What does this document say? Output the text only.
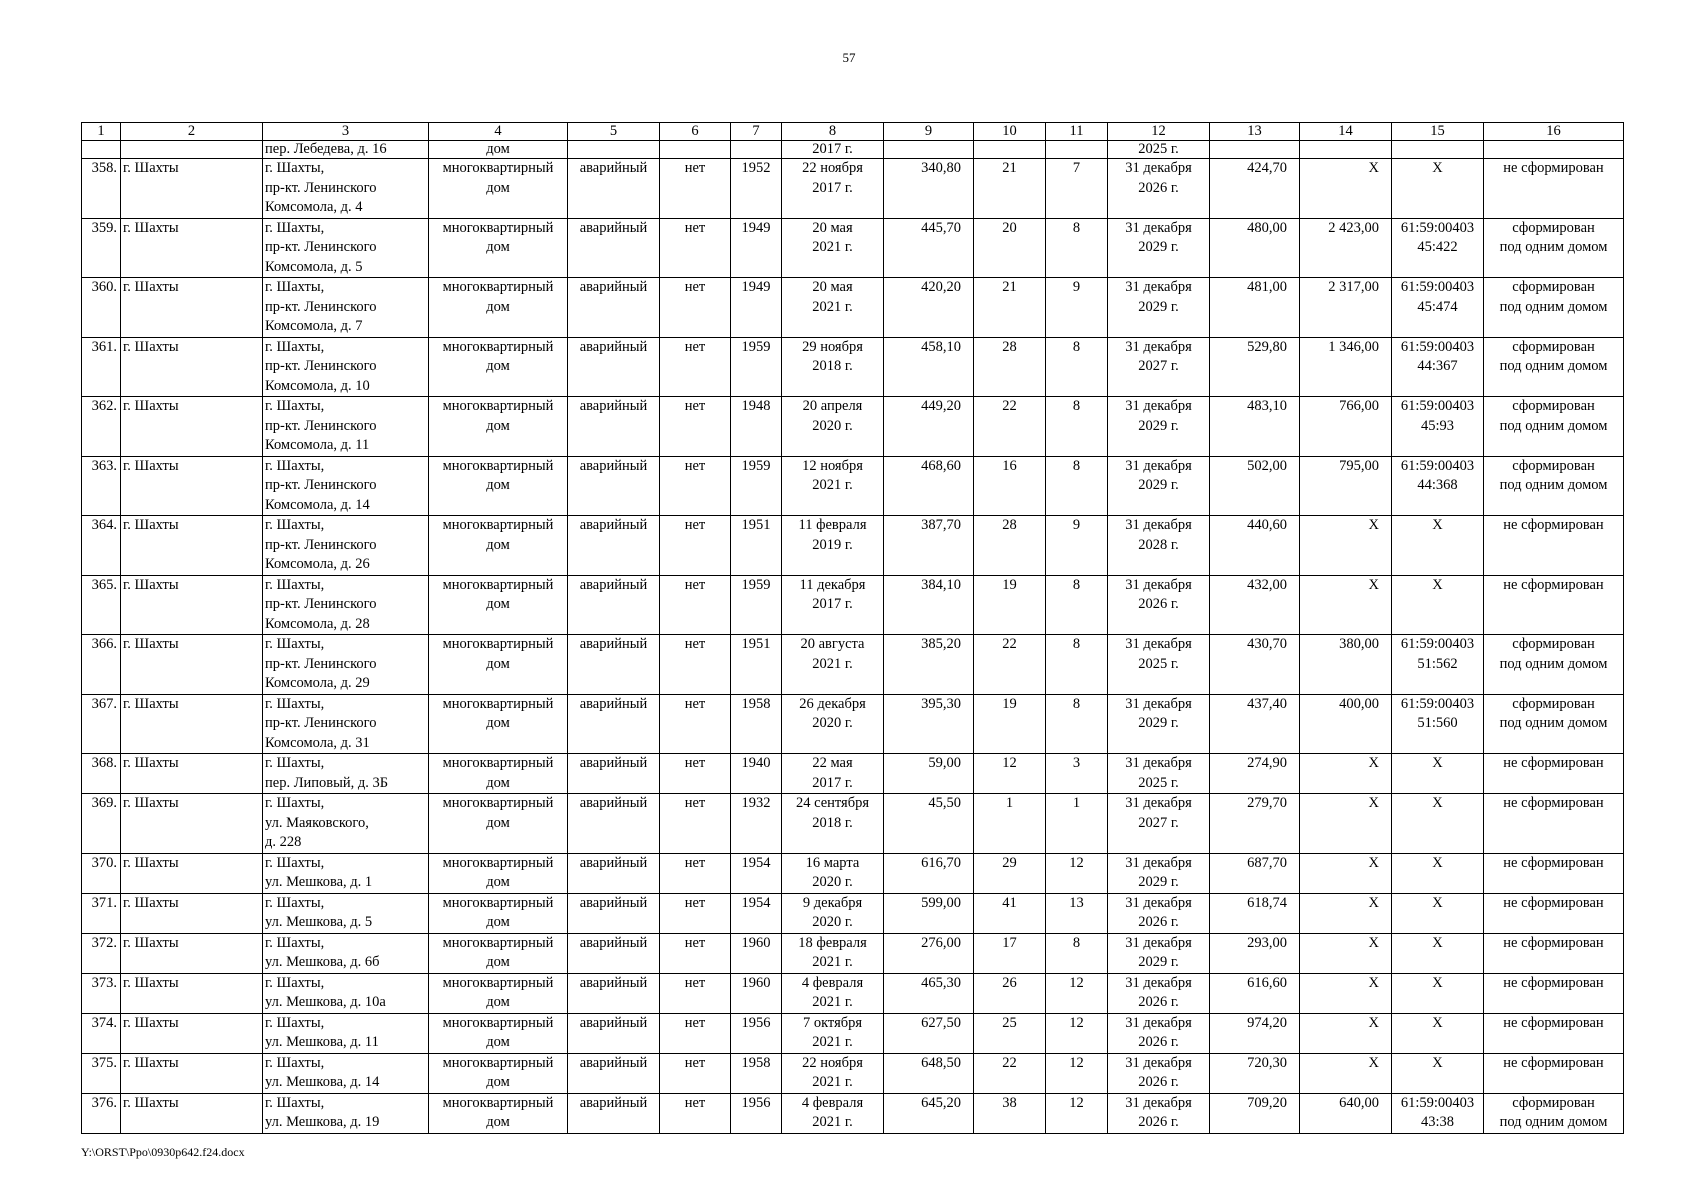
57
1	2	3	4	5	6	7	8	9	10	11	12	13	14	15	16
		пер. Лебедева, д. 16	дом				2017 г.				2025 г.				
358.	г. Шахты	г. Шахты,
пр-кт. Ленинского
Комсомола, д. 4	многоквартирный
дом	аварийный	нет	1952	22 ноября
2017 г.	340,80	21	7	31 декабря
2026 г.	424,70	X	X	не сформирован

359.	г. Шахты	г. Шахты,
пр-кт. Ленинского
Комсомола, д. 5	многоквартирный
дом	аварийный	нет	1949	20 мая
2021 г.	445,70	20	8	31 декабря
2029 г.	480,00	2 423,00	61:59:00403
45:422	сформирован
под одним домом

360.	г. Шахты	г. Шахты,
пр-кт. Ленинского
Комсомола, д. 7	многоквартирный
дом	аварийный	нет	1949	20 мая
2021 г.	420,20	21	9	31 декабря
2029 г.	481,00	2 317,00	61:59:00403
45:474	сформирован
под одним домом

361.	г. Шахты	г. Шахты,
пр-кт. Ленинского
Комсомола, д. 10	многоквартирный
дом	аварийный	нет	1959	29 ноября
2018 г.	458,10	28	8	31 декабря
2027 г.	529,80	1 346,00	61:59:00403
44:367	сформирован
под одним домом

362.	г. Шахты	г. Шахты,
пр-кт. Ленинского
Комсомола, д. 11	многоквартирный
дом	аварийный	нет	1948	20 апреля
2020 г.	449,20	22	8	31 декабря
2029 г.	483,10	766,00	61:59:00403
45:93	сформирован
под одним домом

363.	г. Шахты	г. Шахты,
пр-кт. Ленинского
Комсомола, д. 14	многоквартирный
дом	аварийный	нет	1959	12 ноября
2021 г.	468,60	16	8	31 декабря
2029 г.	502,00	795,00	61:59:00403
44:368	сформирован
под одним домом

364.	г. Шахты	г. Шахты,
пр-кт. Ленинского
Комсомола, д. 26	многоквартирный
дом	аварийный	нет	1951	11 февраля
2019 г.	387,70	28	9	31 декабря
2028 г.	440,60	X	X	не сформирован

365.	г. Шахты	г. Шахты,
пр-кт. Ленинского
Комсомола, д. 28	многоквартирный
дом	аварийный	нет	1959	11 декабря
2017 г.	384,10	19	8	31 декабря
2026 г.	432,00	X	X	не сформирован

366.	г. Шахты	г. Шахты,
пр-кт. Ленинского
Комсомола, д. 29	многоквартирный
дом	аварийный	нет	1951	20 августа
2021 г.	385,20	22	8	31 декабря
2025 г.	430,70	380,00	61:59:00403
51:562	сформирован
под одним домом

367.	г. Шахты	г. Шахты,
пр-кт. Ленинского
Комсомола, д. 31	многоквартирный
дом	аварийный	нет	1958	26 декабря
2020 г.	395,30	19	8	31 декабря
2029 г.	437,40	400,00	61:59:00403
51:560	сформирован
под одним домом

368.	г. Шахты	г. Шахты,
пер. Липовый, д. 3Б	многоквартирный
дом	аварийный	нет	1940	22 мая
2017 г.	59,00	12	3	31 декабря
2025 г.	274,90	X	X	не сформирован

369.	г. Шахты	г. Шахты,
ул. Маяковского,
д. 228	многоквартирный
дом	аварийный	нет	1932	24 сентября
2018 г.	45,50	1	1	31 декабря
2027 г.	279,70	X	X	не сформирован

370.	г. Шахты	г. Шахты,
ул. Мешкова, д. 1	многоквартирный
дом	аварийный	нет	1954	16 марта
2020 г.	616,70	29	12	31 декабря
2029 г.	687,70	X	X	не сформирован

371.	г. Шахты	г. Шахты,
ул. Мешкова, д. 5	многоквартирный
дом	аварийный	нет	1954	9 декабря
2020 г.	599,00	41	13	31 декабря
2026 г.	618,74	X	X	не сформирован

372.	г. Шахты	г. Шахты,
ул. Мешкова, д. 6б	многоквартирный
дом	аварийный	нет	1960	18 февраля
2021 г.	276,00	17	8	31 декабря
2029 г.	293,00	X	X	не сформирован

373.	г. Шахты	г. Шахты,
ул. Мешкова, д. 10а	многоквартирный
дом	аварийный	нет	1960	4 февраля
2021 г.	465,30	26	12	31 декабря
2026 г.	616,60	X	X	не сформирован

374.	г. Шахты	г. Шахты,
ул. Мешкова, д. 11	многоквартирный
дом	аварийный	нет	1956	7 октября
2021 г.	627,50	25	12	31 декабря
2026 г.	974,20	X	X	не сформирован

375.	г. Шахты	г. Шахты,
ул. Мешкова, д. 14	многоквартирный
дом	аварийный	нет	1958	22 ноября
2021 г.	648,50	22	12	31 декабря
2026 г.	720,30	X	X	не сформирован

376.	г. Шахты	г. Шахты,
ул. Мешкова, д. 19	многоквартирный
дом	аварийный	нет	1956	4 февраля
2021 г.	645,20	38	12	31 декабря
2026 г.	709,20	640,00	61:59:00403
43:38	сформирован
под одним домом
Y:\ORST\Ppo\0930p642.f24.docx
